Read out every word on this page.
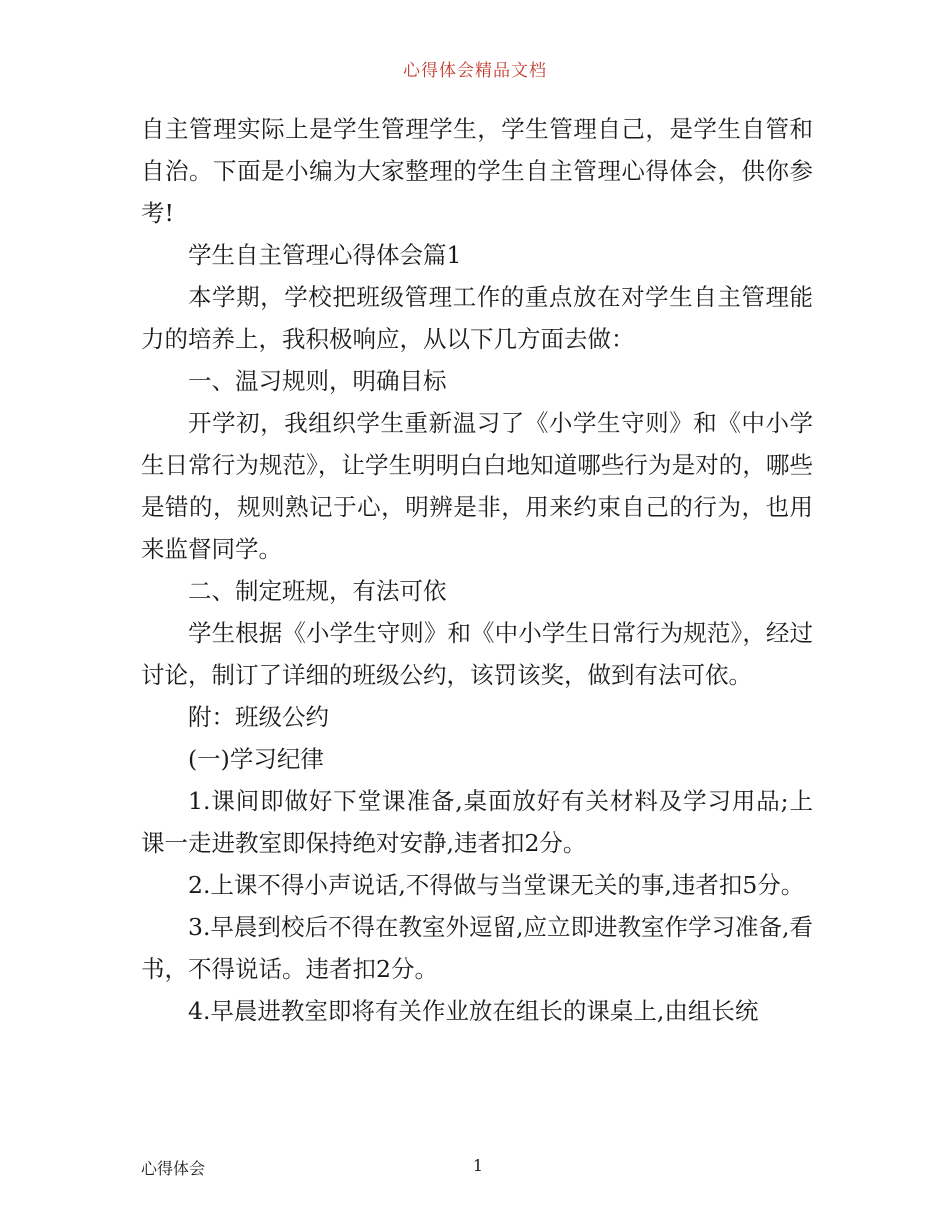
心得体会精品文档

自主管理实际上是学生管理学生，学生管理自己，是学生自管和自治。下面是小编为大家整理的学生自主管理心得体会，供你参考!

学生自主管理心得体会篇1

本学期，学校把班级管理工作的重点放在对学生自主管理能力的培养上，我积极响应，从以下几方面去做：

一、温习规则，明确目标

开学初，我组织学生重新温习了《小学生守则》和《中小学生日常行为规范》，让学生明明白白地知道哪些行为是对的，哪些是错的，规则熟记于心，明辨是非，用来约束自己的行为，也用来监督同学。

二、制定班规，有法可依

学生根据《小学生守则》和《中小学生日常行为规范》，经过讨论，制订了详细的班级公约，该罚该奖，做到有法可依。

附：班级公约

(一)学习纪律

1.课间即做好下堂课准备,桌面放好有关材料及学习用品;上课一走进教室即保持绝对安静,违者扣2分。

2.上课不得小声说话,不得做与当堂课无关的事,违者扣5分。

3.早晨到校后不得在教室外逗留,应立即进教室作学习准备,看书，不得说话。违者扣2分。

4.早晨进教室即将有关作业放在组长的课桌上,由组长统

心得体会	1
